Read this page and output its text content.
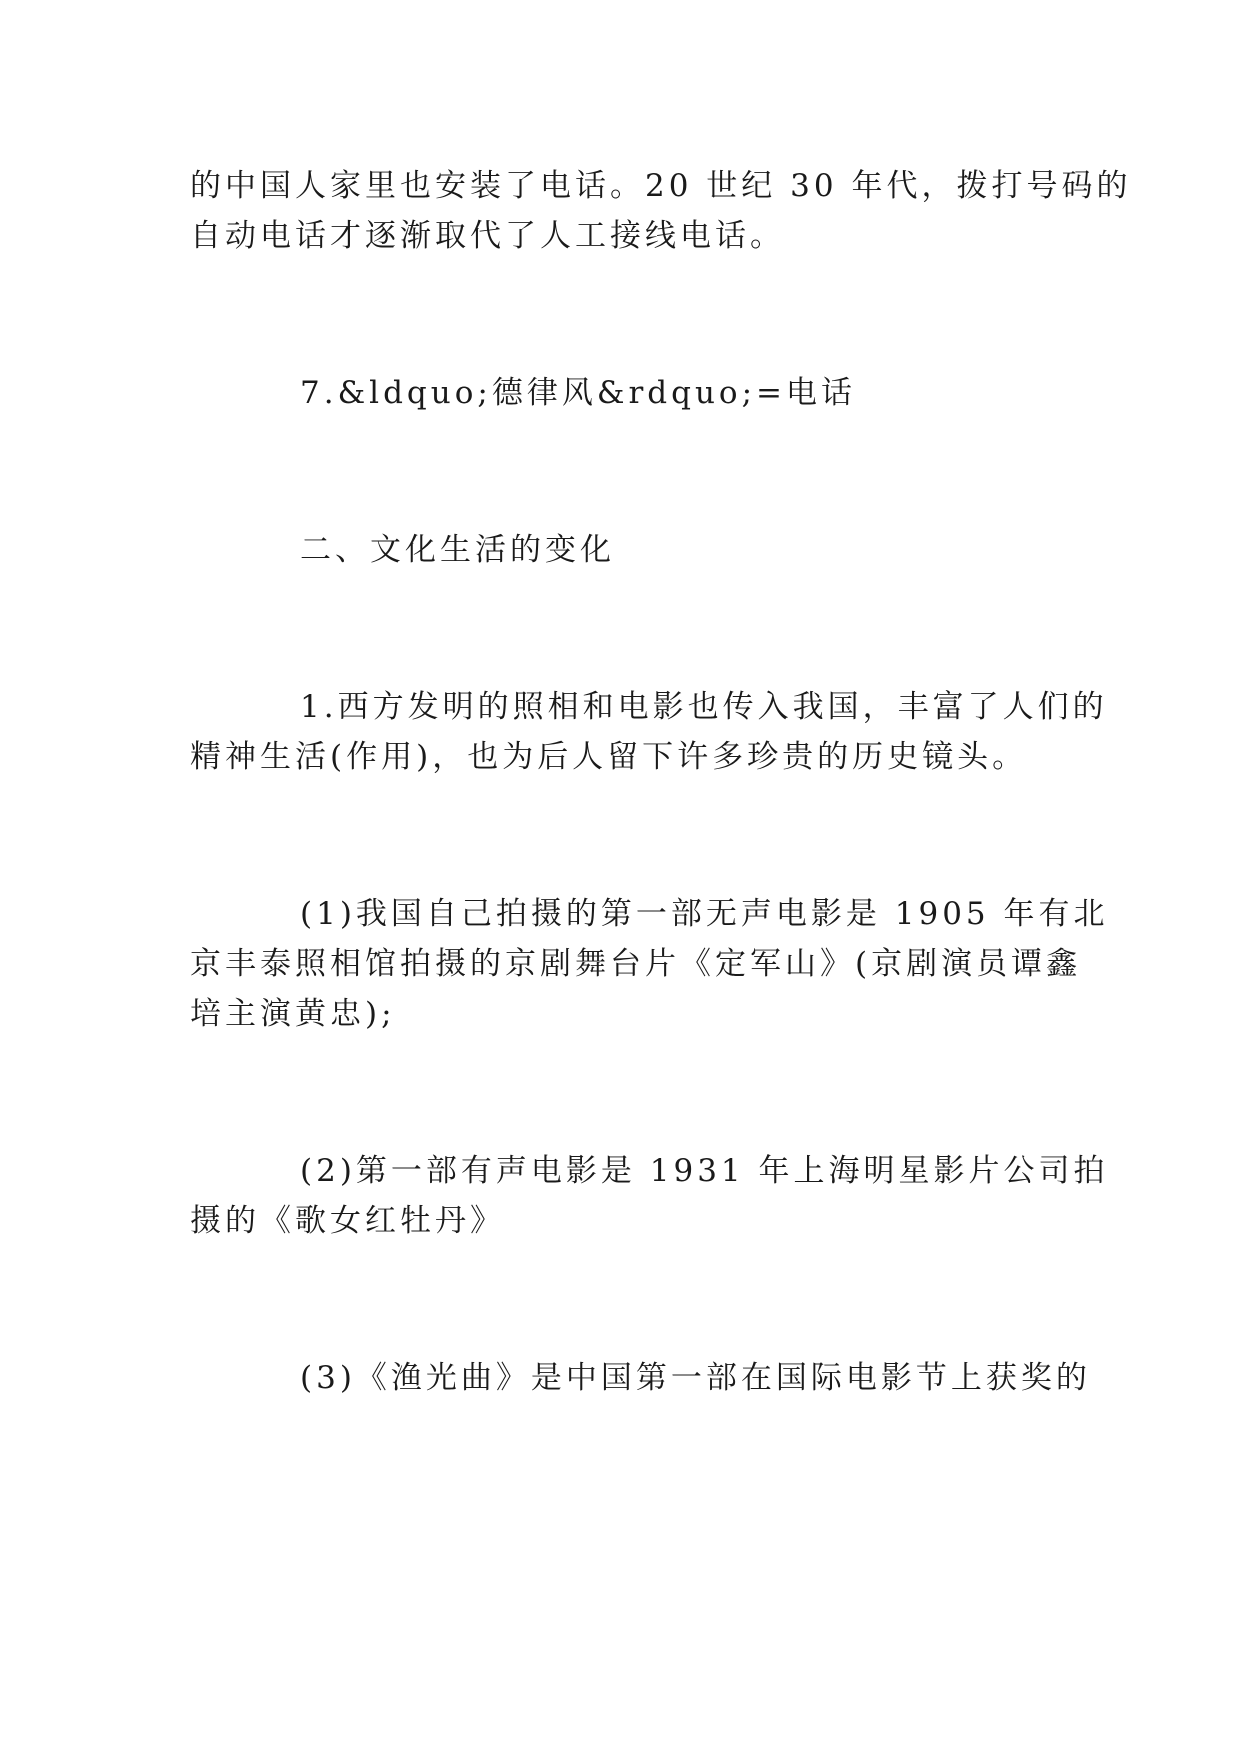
的中国人家里也安装了电话。20 世纪 30 年代，拨打号码的
自动电话才逐渐取代了人工接线电话。
7.&ldquo;德律风&rdquo;=电话
二、文化生活的变化
1.西方发明的照相和电影也传入我国，丰富了人们的
精神生活(作用)，也为后人留下许多珍贵的历史镜头。
(1)我国自己拍摄的第一部无声电影是 1905 年有北
京丰泰照相馆拍摄的京剧舞台片《定军山》(京剧演员谭鑫
培主演黄忠);
(2)第一部有声电影是 1931 年上海明星影片公司拍
摄的《歌女红牡丹》
(3)《渔光曲》是中国第一部在国际电影节上获奖的
